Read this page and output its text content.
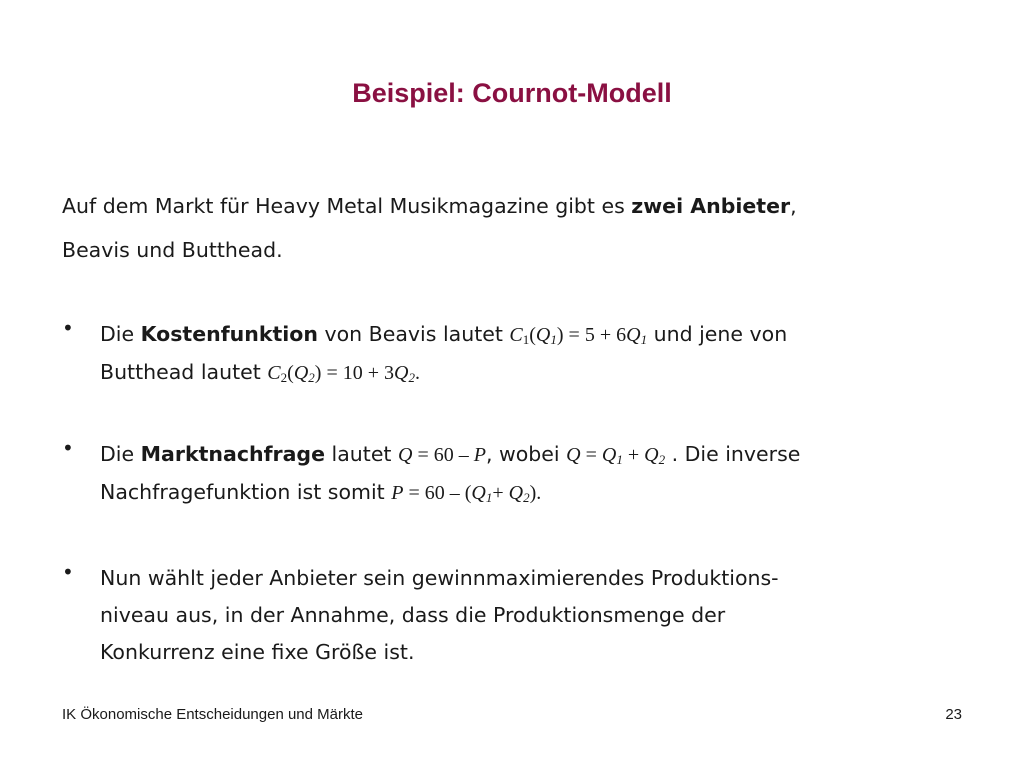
Beispiel: Cournot-Modell
Auf dem Markt für Heavy Metal Musikmagazine gibt es zwei Anbieter,
Beavis und Butthead.
•	Die Kostenfunktion von Beavis lautet $C_1(Q_1) = 5 + 6Q_1$ und jene von
Butthead lautet $C_2(Q_2) = 10 + 3Q_2$.
•	Die Marktnachfrage lautet Q = 60 – P, wobei $Q = Q_1 + Q_2$ . Die inverse
Nachfragefunktion ist somit $P = 60 - (Q_1+ Q_2)$.
•	Nun wählt jeder Anbieter sein gewinnmaximierendes Produktions-
niveau aus, in der Annahme, dass die Produktionsmenge der
Konkurrenz eine fixe Größe ist.
IK Ökonomische Entscheidungen und Märkte	23
